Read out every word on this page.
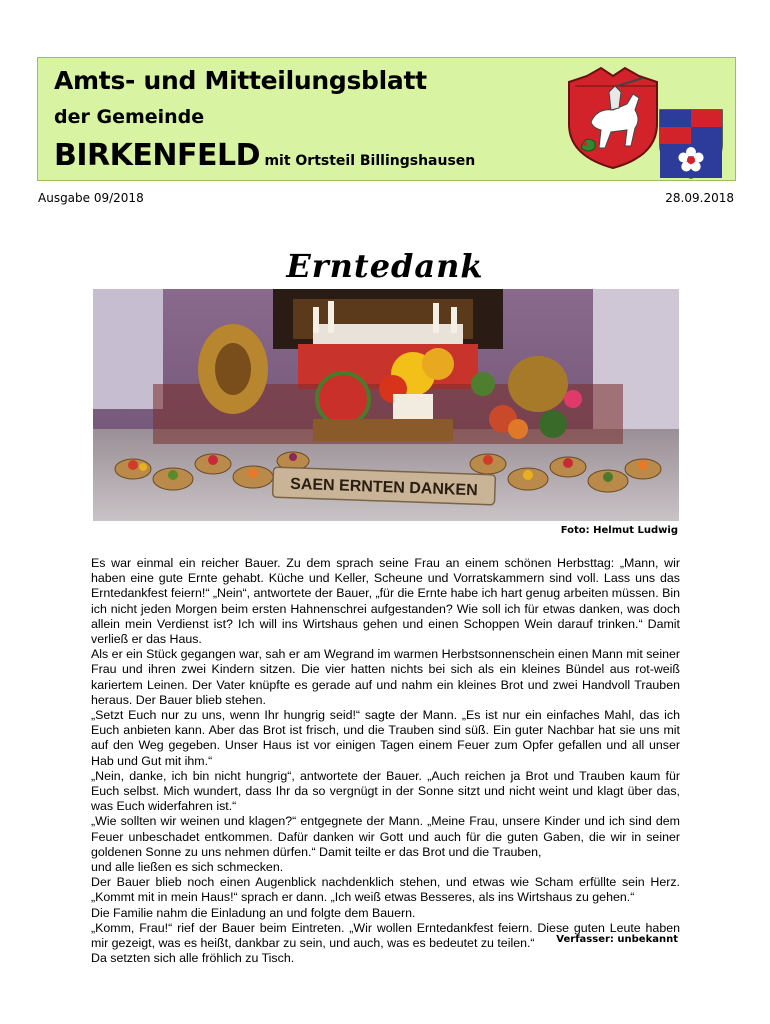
Amts- und Mitteilungsblatt
der Gemeinde
BIRKENFELD mit Ortsteil Billingshausen
Ausgabe 09/2018	28.09.2018
Erntedank
SAEN ERNTEN DANKEN
Foto: Helmut Ludwig

Es war einmal ein reicher Bauer. Zu dem sprach seine Frau an einem schönen Herbsttag: „Mann, wir haben eine gute Ernte gehabt. Küche und Keller, Scheune und Vorratskammern sind voll. Lass uns das Erntedankfest feiern!“ „Nein“, antwortete der Bauer, „für die Ernte habe ich hart genug arbeiten müssen. Bin ich nicht jeden Morgen beim ersten Hahnenschrei aufgestanden? Wie soll ich für etwas danken, was doch allein mein Verdienst ist? Ich will ins Wirtshaus gehen und einen Schoppen Wein darauf trinken.“ Damit verließ er das Haus.

Als er ein Stück gegangen war, sah er am Wegrand im warmen Herbstsonnenschein einen Mann mit seiner Frau und ihren zwei Kindern sitzen. Die vier hatten nichts bei sich als ein kleines Bündel aus rot-weiß kariertem Leinen. Der Vater knüpfte es gerade auf und nahm ein kleines Brot und zwei Handvoll Trauben heraus. Der Bauer blieb stehen.

„Setzt Euch nur zu uns, wenn Ihr hungrig seid!“ sagte der Mann. „Es ist nur ein einfaches Mahl, das ich Euch anbieten kann. Aber das Brot ist frisch, und die Trauben sind süß. Ein guter Nachbar hat sie uns mit auf den Weg gegeben. Unser Haus ist vor einigen Tagen einem Feuer zum Opfer gefallen und all unser Hab und Gut mit ihm.“

„Nein, danke, ich bin nicht hungrig“, antwortete der Bauer. „Auch reichen ja Brot und Trauben kaum für Euch selbst. Mich wundert, dass Ihr da so vergnügt in der Sonne sitzt und nicht weint und klagt über das, was Euch widerfahren ist.“

„Wie sollten wir weinen und klagen?“ entgegnete der Mann. „Meine Frau, unsere Kinder und ich sind dem Feuer unbeschadet entkommen. Dafür danken wir Gott und auch für die guten Gaben, die wir in seiner goldenen Sonne zu uns nehmen dürfen.“ Damit teilte er das Brot und die Trauben,

und alle ließen es sich schmecken.

Der Bauer blieb noch einen Augenblick nachdenklich stehen, und etwas wie Scham erfüllte sein Herz. „Kommt mit in mein Haus!“ sprach er dann. „Ich weiß etwas Besseres, als ins Wirtshaus zu gehen.“

Die Familie nahm die Einladung an und folgte dem Bauern.

„Komm, Frau!“ rief der Bauer beim Eintreten. „Wir wollen Erntedankfest feiern. Diese guten Leute haben mir gezeigt, was es heißt, dankbar zu sein, und auch, was es bedeutet zu teilen.“

Da setzten sich alle fröhlich zu Tisch.

Verfasser: unbekannt
